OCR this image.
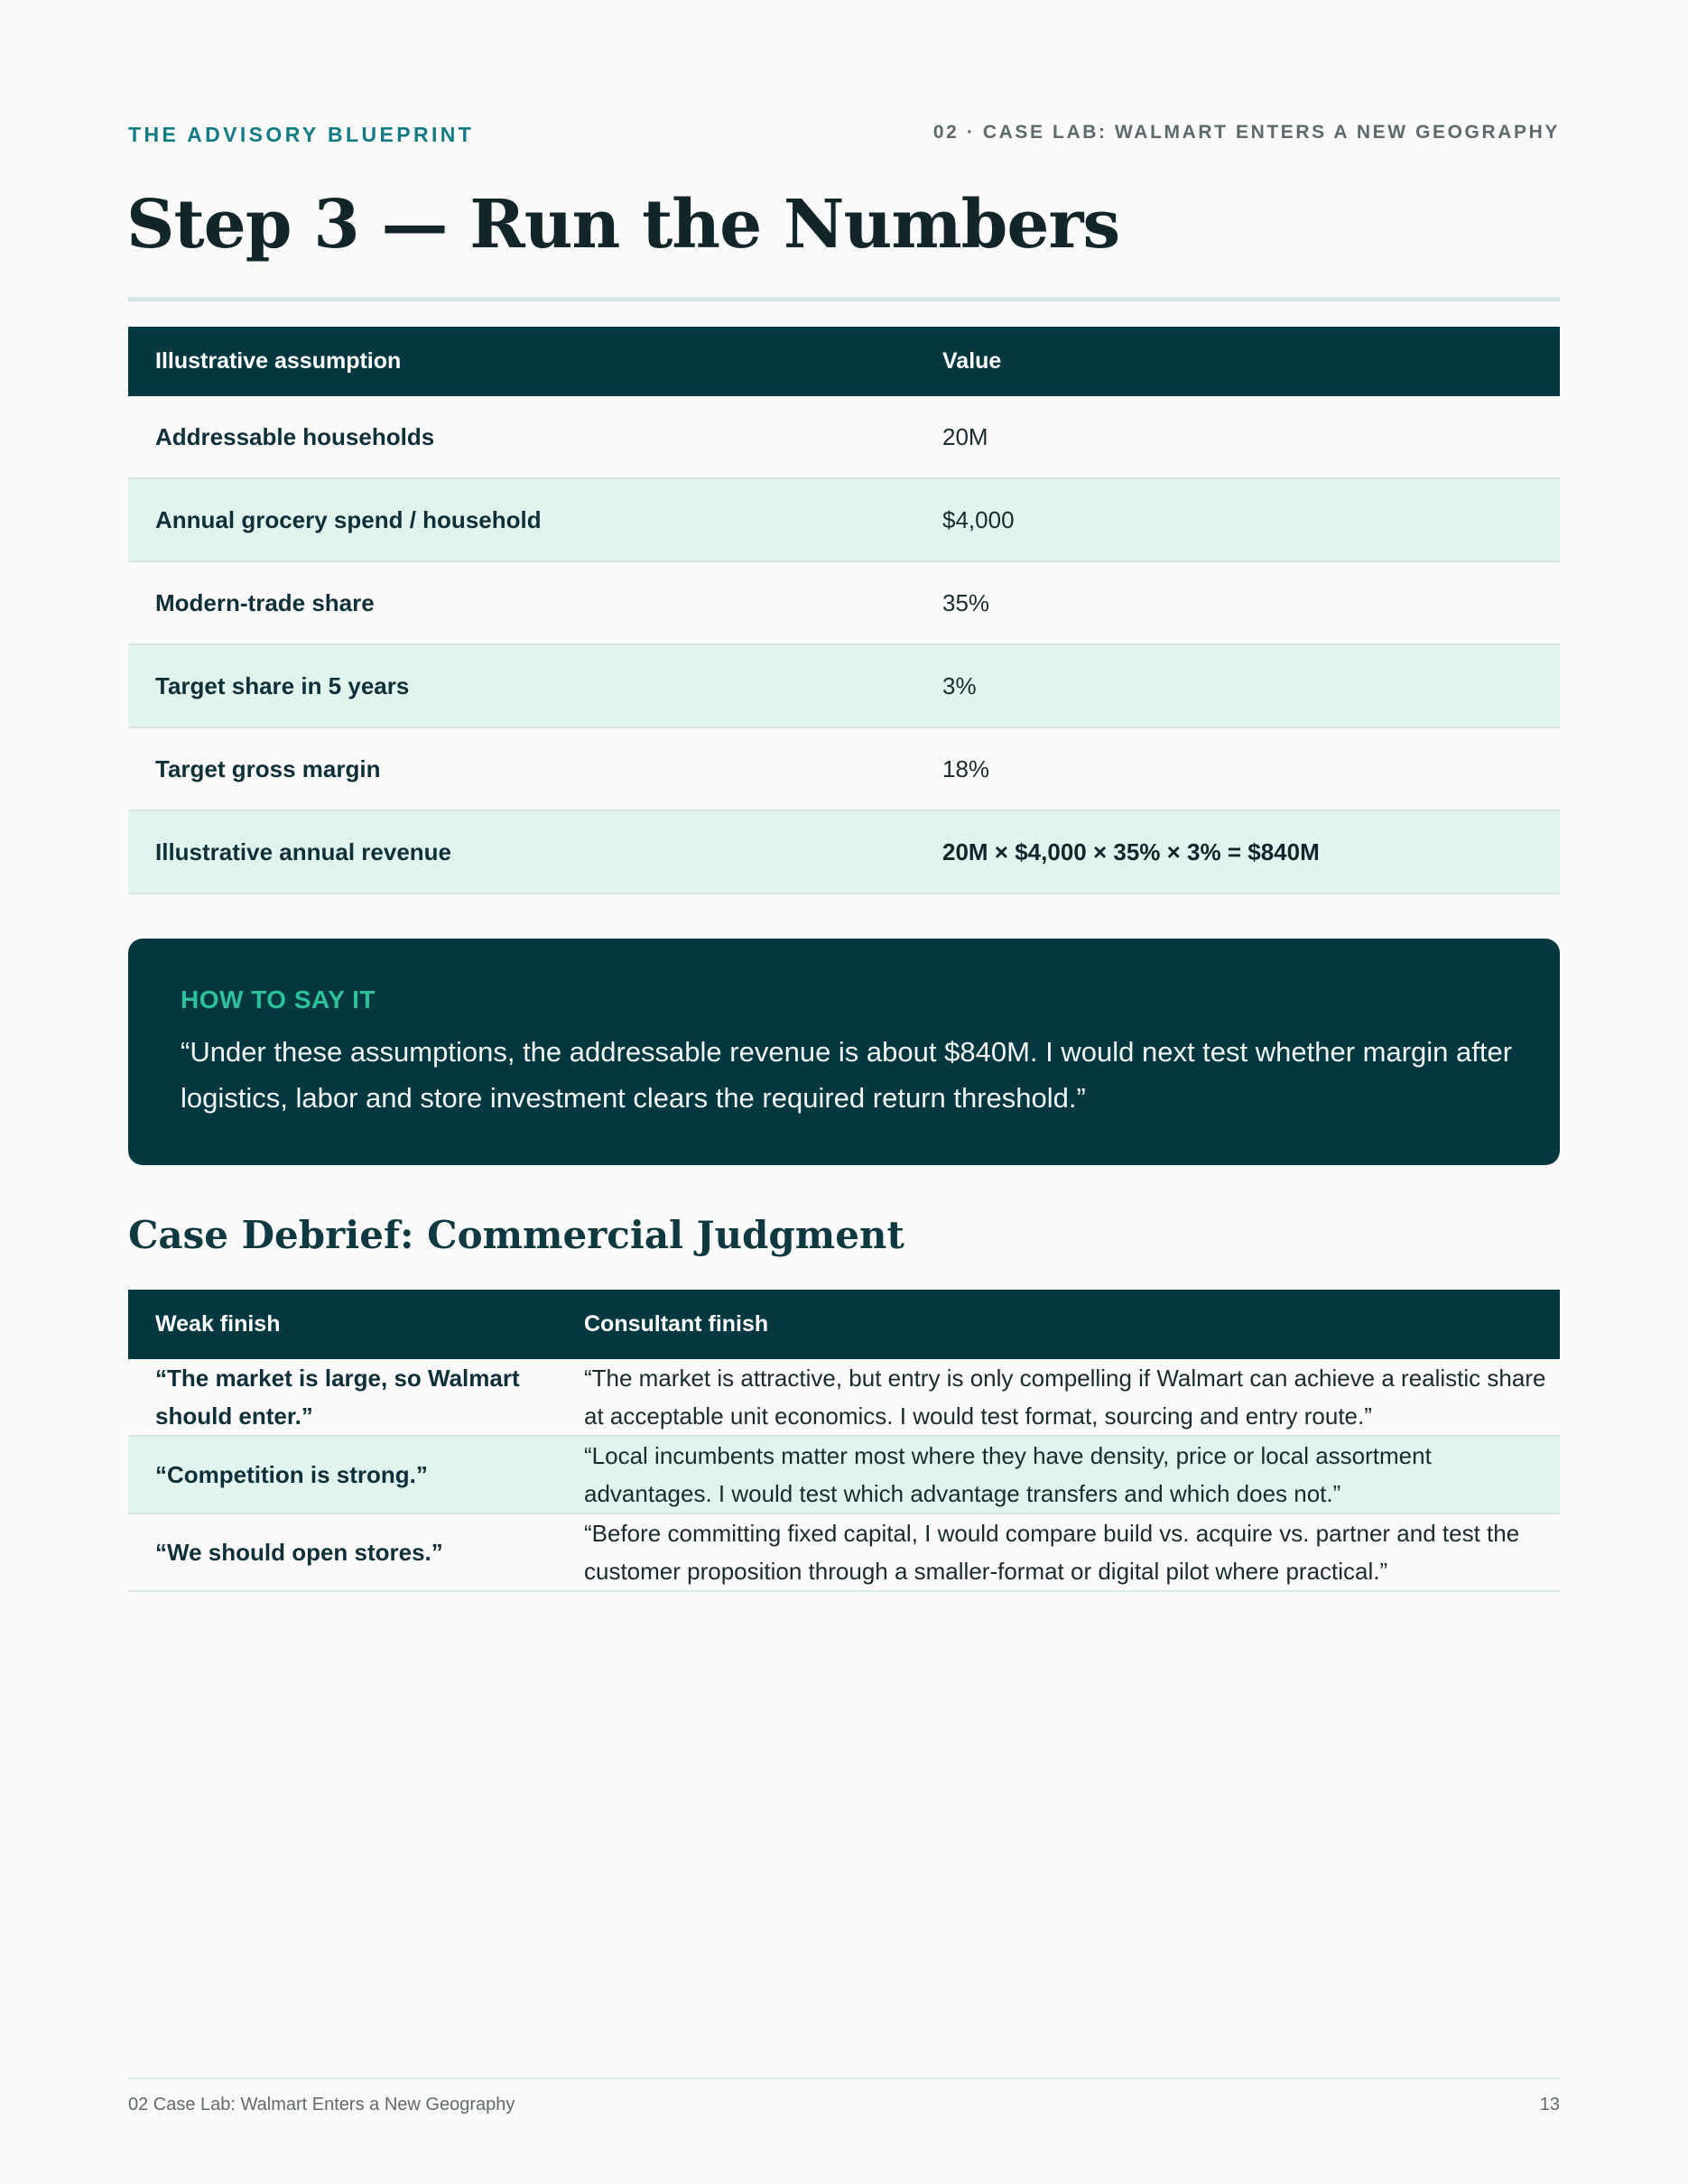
THE ADVISORY BLUEPRINT	02 · CASE LAB: WALMART ENTERS A NEW GEOGRAPHY
Step 3 — Run the Numbers
Illustrative assumption	Value
Addressable households	20M
Annual grocery spend / household	$4,000
Modern-trade share	35%
Target share in 5 years	3%
Target gross margin	18%
Illustrative annual revenue	20M × $4,000 × 35% × 3% = $840M
HOW TO SAY IT
“Under these assumptions, the addressable revenue is about $840M. I would next test whether margin after logistics, labor and store investment clears the required return threshold.”
Case Debrief: Commercial Judgment
Weak finish	Consultant finish
“The market is large, so Walmart should enter.”	“The market is attractive, but entry is only compelling if Walmart can achieve a realistic share at acceptable unit economics. I would test format, sourcing and entry route.”
“Competition is strong.”	“Local incumbents matter most where they have density, price or local assortment advantages. I would test which advantage transfers and which does not.”
“We should open stores.”	“Before committing fixed capital, I would compare build vs. acquire vs. partner and test the customer proposition through a smaller-format or digital pilot where practical.”
02 Case Lab: Walmart Enters a New Geography	13
